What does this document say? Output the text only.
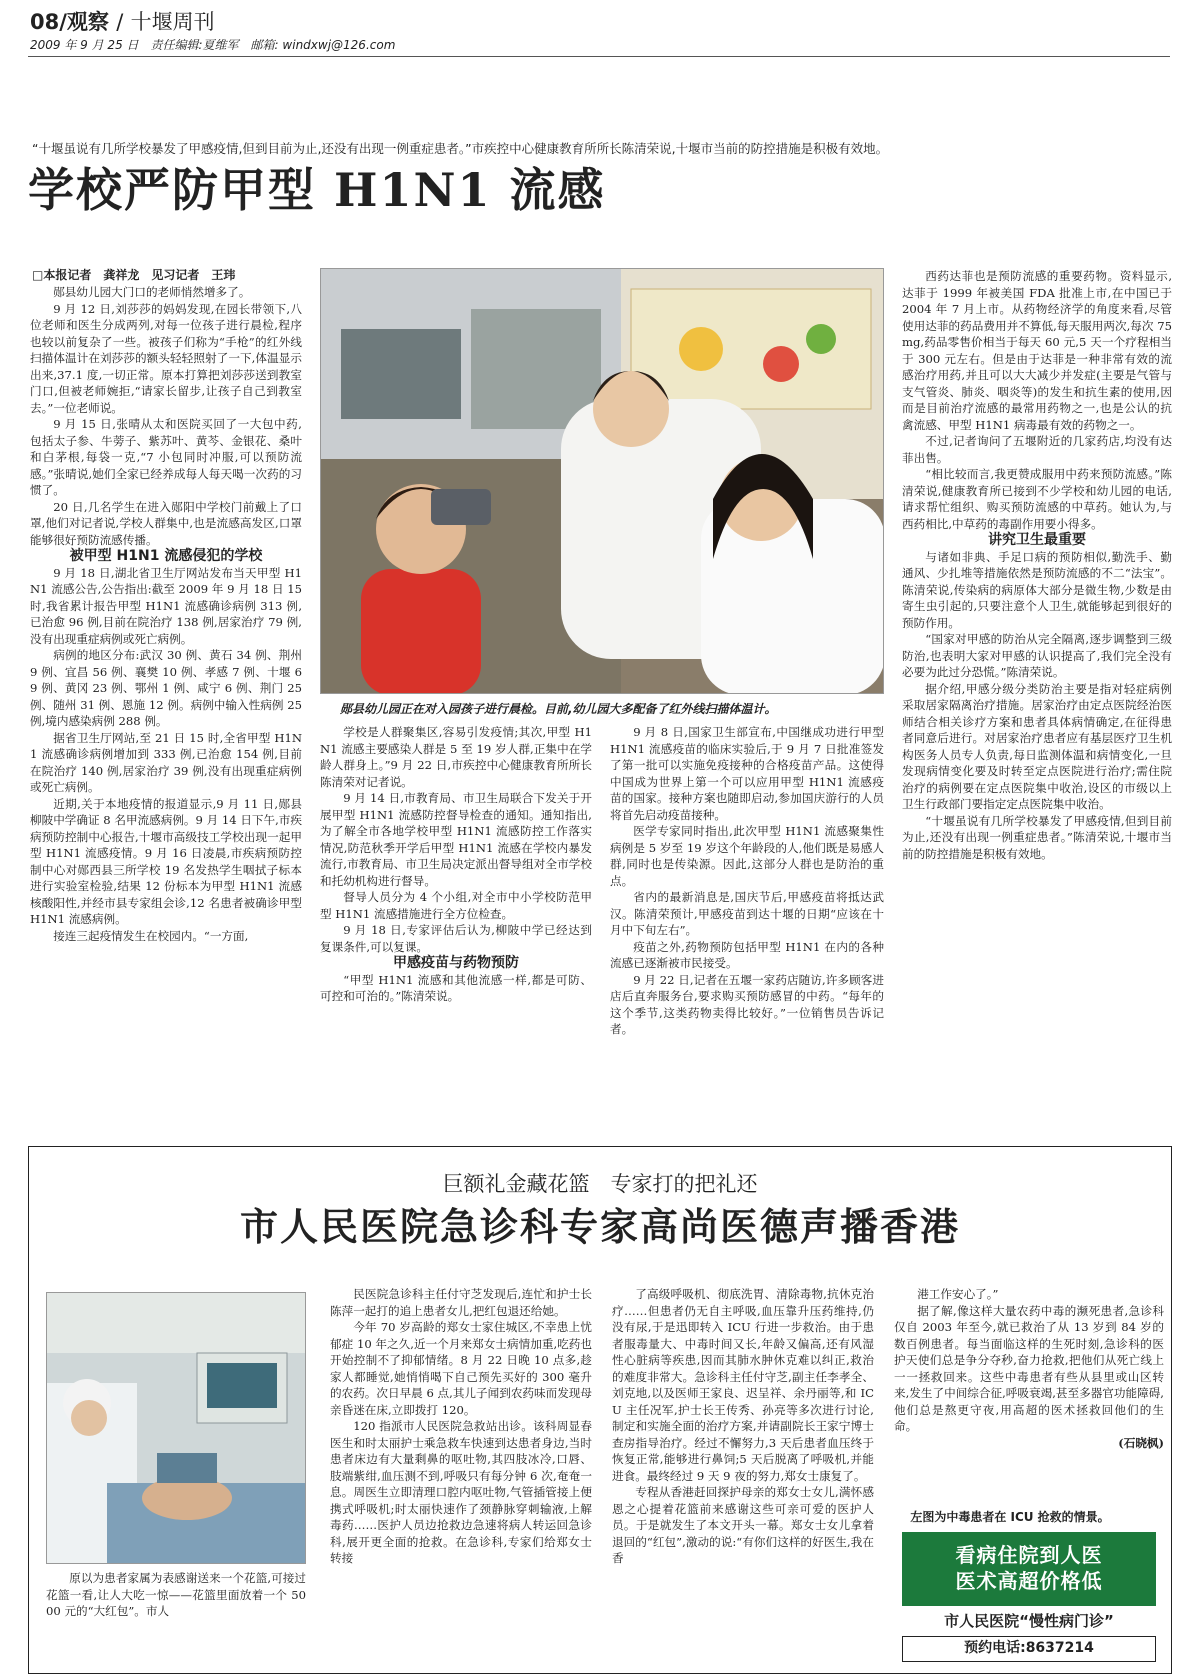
08/观察 / 十堰周刊
2009 年 9 月 25 日　责任编辑:夏维军　邮箱: windxwj@126.com
“十堰虽说有几所学校暴发了甲感疫情,但到目前为止,还没有出现一例重症患者。”市疾控中心健康教育所所长陈清荣说,十堰市当前的防控措施是积极有效地。
学校严防甲型 H1N1 流感
□本报记者　龚祥龙　见习记者　王玮

郧县幼儿园大门口的老师悄然增多了。

9 月 12 日,刘莎莎的妈妈发现,在园长带领下,八位老师和医生分成两列,对每一位孩子进行晨检,程序也较以前复杂了一些。被孩子们称为“手枪”的红外线扫描体温计在刘莎莎的额头轻轻照射了一下,体温显示出来,37.1 度,一切正常。原本打算把刘莎莎送到教室门口,但被老师婉拒,“请家长留步,让孩子自己到教室去。”一位老师说。

9 月 15 日,张晴从太和医院买回了一大包中药,包括太子参、牛蒡子、紫苏叶、黄芩、金银花、桑叶和白茅根,每袋一克,“7 小包同时冲服,可以预防流感。”张晴说,她们全家已经养成每人每天喝一次药的习惯了。

20 日,几名学生在进入郧阳中学校门前戴上了口罩,他们对记者说,学校人群集中,也是流感高发区,口罩能够很好预防流感传播。

被甲型 H1N1 流感侵犯的学校

9 月 18 日,湖北省卫生厅网站发布当天甲型 H1N1 流感公告,公告指出:截至 2009 年 9 月 18 日 15 时,我省累计报告甲型 H1N1 流感确诊病例 313 例,已治愈 96 例,目前在院治疗 138 例,居家治疗 79 例,没有出现重症病例或死亡病例。

病例的地区分布:武汉 30 例、黄石 34 例、荆州 9 例、宜昌 56 例、襄樊 10 例、孝感 7 例、十堰 69 例、黄冈 23 例、鄂州 1 例、咸宁 6 例、荆门 25 例、随州 31 例、恩施 12 例。病例中输入性病例 25 例,境内感染病例 288 例。

据省卫生厅网站,至 21 日 15 时,全省甲型 H1N1 流感确诊病例增加到 333 例,已治愈 154 例,目前在院治疗 140 例,居家治疗 39 例,没有出现重症病例或死亡病例。

近期,关于本地疫情的报道显示,9 月 11 日,郧县柳陂中学确证 8 名甲流感病例。9 月 14 日下午,市疾病预防控制中心报告,十堰市高级技工学校出现一起甲型 H1N1 流感疫情。9 月 16 日凌晨,市疾病预防控制中心对郧西县三所学校 19 名发热学生咽拭子标本进行实验室检验,结果 12 份标本为甲型 H1N1 流感核酸阳性,并经市县专家组会诊,12 名患者被确诊甲型 H1N1 流感病例。

接连三起疫情发生在校园内。“一方面,

郧县幼儿园正在对入园孩子进行晨检。目前,幼儿园大多配备了红外线扫描体温计。

学校是人群聚集区,容易引发疫情;其次,甲型 H1N1 流感主要感染人群是 5 至 19 岁人群,正集中在学龄人群身上。”9 月 22 日,市疾控中心健康教育所所长陈清荣对记者说。

9 月 14 日,市教育局、市卫生局联合下发关于开展甲型 H1N1 流感防控督导检查的通知。通知指出,为了解全市各地学校甲型 H1N1 流感防控工作落实情况,防范秋季开学后甲型 H1N1 流感在学校内暴发流行,市教育局、市卫生局决定派出督导组对全市学校和托幼机构进行督导。

督导人员分为 4 个小组,对全市中小学校防范甲型 H1N1 流感措施进行全方位检查。

9 月 18 日,专家评估后认为,柳陂中学已经达到复课条件,可以复课。

甲感疫苗与药物预防

“甲型 H1N1 流感和其他流感一样,都是可防、可控和可治的。”陈清荣说。

9 月 8 日,国家卫生部宣布,中国继成功进行甲型 H1N1 流感疫苗的临床实验后,于 9 月 7 日批准签发了第一批可以实施免疫接种的合格疫苗产品。这使得中国成为世界上第一个可以应用甲型 H1N1 流感疫苗的国家。接种方案也随即启动,参加国庆游行的人员将首先启动疫苗接种。

医学专家同时指出,此次甲型 H1N1 流感聚集性病例是 5 岁至 19 岁这个年龄段的人,他们既是易感人群,同时也是传染源。因此,这部分人群也是防治的重点。

省内的最新消息是,国庆节后,甲感疫苗将抵达武汉。陈清荣预计,甲感疫苗到达十堰的日期“应该在十月中下旬左右”。

疫苗之外,药物预防包括甲型 H1N1 在内的各种流感已逐渐被市民接受。

9 月 22 日,记者在五堰一家药店随访,许多顾客进店后直奔服务台,要求购买预防感冒的中药。“每年的这个季节,这类药物卖得比较好。”一位销售员告诉记者。

西药达菲也是预防流感的重要药物。资料显示,达菲于 1999 年被美国 FDA 批准上市,在中国已于 2004 年 7 月上市。从药物经济学的角度来看,尽管使用达菲的药品费用并不算低,每天服用两次,每次 75mg,药品零售价相当于每天 60 元,5 天一个疗程相当于 300 元左右。但是由于达菲是一种非常有效的流感治疗用药,并且可以大大减少并发症(主要是气管与支气管炎、肺炎、咽炎等)的发生和抗生素的使用,因而是目前治疗流感的最常用药物之一,也是公认的抗禽流感、甲型 H1N1 病毒最有效的药物之一。

不过,记者询问了五堰附近的几家药店,均没有达菲出售。

“相比较而言,我更赞成服用中药来预防流感。”陈清荣说,健康教育所已接到不少学校和幼儿园的电话,请求帮忙组织、购买预防流感的中草药。她认为,与西药相比,中草药的毒副作用要小得多。

讲究卫生最重要

与诸如非典、手足口病的预防相似,勤洗手、勤通风、少扎堆等措施依然是预防流感的不二“法宝”。陈清荣说,传染病的病原体大部分是微生物,少数是由寄生虫引起的,只要注意个人卫生,就能够起到很好的预防作用。

“国家对甲感的防治从完全隔离,逐步调整到三级防治,也表明大家对甲感的认识提高了,我们完全没有必要为此过分恐慌。”陈清荣说。

据介绍,甲感分级分类防治主要是指对轻症病例采取居家隔离治疗措施。居家治疗由定点医院经治医师结合相关诊疗方案和患者具体病情确定,在征得患者同意后进行。对居家治疗患者应有基层医疗卫生机构医务人员专人负责,每日监测体温和病情变化,一旦发现病情变化要及时转至定点医院进行治疗;需住院治疗的病例要在定点医院集中收治,设区的市级以上卫生行政部门要指定定点医院集中收治。

“十堰虽说有几所学校暴发了甲感疫情,但到目前为止,还没有出现一例重症患者。”陈清荣说,十堰市当前的防控措施是积极有效地。

巨额礼金藏花篮　专家打的把礼还
市人民医院急诊科专家高尚医德声播香港

原以为患者家属为表感谢送来一个花篮,可接过花篮一看,让人大吃一惊——花篮里面放着一个 5000 元的“大红包”。市人

民医院急诊科主任付守芝发现后,连忙和护士长陈萍一起打的追上患者女儿,把红包退还给她。

今年 70 岁高龄的郑女士家住城区,不幸患上忧郁症 10 年之久,近一个月来郑女士病情加重,吃药也开始控制不了抑郁情绪。8 月 22 日晚 10 点多,趁家人都睡觉,她悄悄喝下自己预先买好的 300 毫升的农药。次日早晨 6 点,其儿子闻到农药味而发现母亲昏迷在床,立即拨打 120。

120 指派市人民医院急救站出诊。该科周显春医生和时太丽护士乘急救车快速到达患者身边,当时患者床边有大量剩鼻的呕吐物,其四肢冰冷,口唇、肢端紫绀,血压测不到,呼吸只有每分钟 6 次,奄奄一息。周医生立即清理口腔内呕吐物,气管插管接上便携式呼吸机;时太丽快速作了颈静脉穿刺输液,上解毒药……医护人员边抢救边急速将病人转运回急诊科,展开更全面的抢救。在急诊科,专家们给郑女士转接

了高级呼吸机、彻底洗胃、清除毒物,抗休克治疗……但患者仍无自主呼吸,血压靠升压药维持,仍没有尿,于是迅即转入 ICU 行进一步救治。由于患者服毒量大、中毒时间又长,年龄又偏高,还有风湿性心脏病等疾患,因而其肺水肿休克难以纠正,救治的难度非常大。急诊科主任付守芝,副主任李孝全、刘克地,以及医师王家良、迟呈祥、余丹丽等,和 ICU 主任况军,护士长王传秀、孙亮等多次进行讨论,制定和实施全面的治疗方案,并请副院长王家宁博士查房指导治疗。经过不懈努力,3 天后患者血压终于恢复正常,能够进行鼻饲;5 天后脱离了呼吸机,并能进食。最终经过 9 天 9 夜的努力,郑女士康复了。

专程从香港赶回探护母亲的郑女士女儿,满怀感恩之心提着花篮前来感谢这些可亲可爱的医护人员。于是就发生了本文开头一幕。郑女士女儿拿着退回的“红包”,激动的说:“有你们这样的好医生,我在香

港工作安心了。”

据了解,像这样大量农药中毒的濒死患者,急诊科仅自 2003 年至今,就已救治了从 13 岁到 84 岁的数百例患者。每当面临这样的生死时刻,急诊科的医护天使们总是争分夺秒,奋力抢救,把他们从死亡线上一一拯救回来。这些中毒患者有些从县里或山区转来,发生了中间综合征,呼吸衰竭,甚至多器官功能障碍,他们总是熬更守夜,用高超的医术拯救回他们的生命。

(石晓枫)

左图为中毒患者在 ICU 抢救的情景。
看病住院到人医
医术高超价格低
市人民医院“慢性病门诊”
预约电话:8637214
